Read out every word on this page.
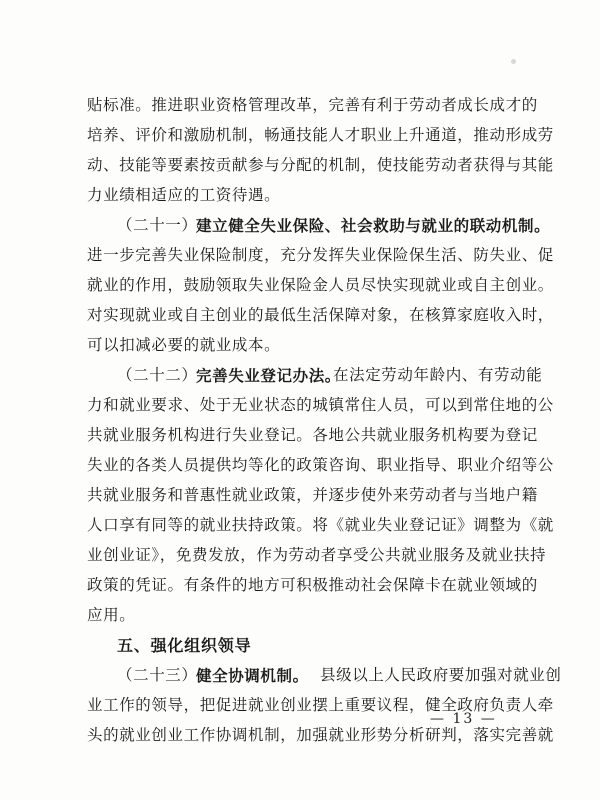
贴标准。推进职业资格管理改革，完善有利于劳动者成长成才的
培养、评价和激励机制，畅通技能人才职业上升通道，推动形成劳
动、技能等要素按贡献参与分配的机制，使技能劳动者获得与其能
力业绩相适应的工资待遇。
（二十一）
建立健全失业保险、社会救助与就业的联动机制。
进一步完善失业保险制度，充分发挥失业保险保生活、防失业、促
就业的作用，鼓励领取失业保险金人员尽快实现就业或自主创业。
对实现就业或自主创业的最低生活保障对象，在核算家庭收入时，
可以扣减必要的就业成本。
（二十二）
完善失业登记办法。
在法定劳动年龄内、有劳动能
力和就业要求、处于无业状态的城镇常住人员，可以到常住地的公
共就业服务机构进行失业登记。各地公共就业服务机构要为登记
失业的各类人员提供均等化的政策咨询、职业指导、职业介绍等公
共就业服务和普惠性就业政策，并逐步使外来劳动者与当地户籍
人口享有同等的就业扶持政策。将《就业失业登记证》调整为《就
业创业证》，免费发放，作为劳动者享受公共就业服务及就业扶持
政策的凭证。有条件的地方可积极推动社会保障卡在就业领域的
应用。
五、强化组织领导
（二十三）
健全协调机制。 县级以上人民政府要加强对就业创
业工作的领导，把促进就业创业摆上重要议程，健全政府负责人牵
头的就业创业工作协调机制，加强就业形势分析研判，落实完善就
— 13 —
